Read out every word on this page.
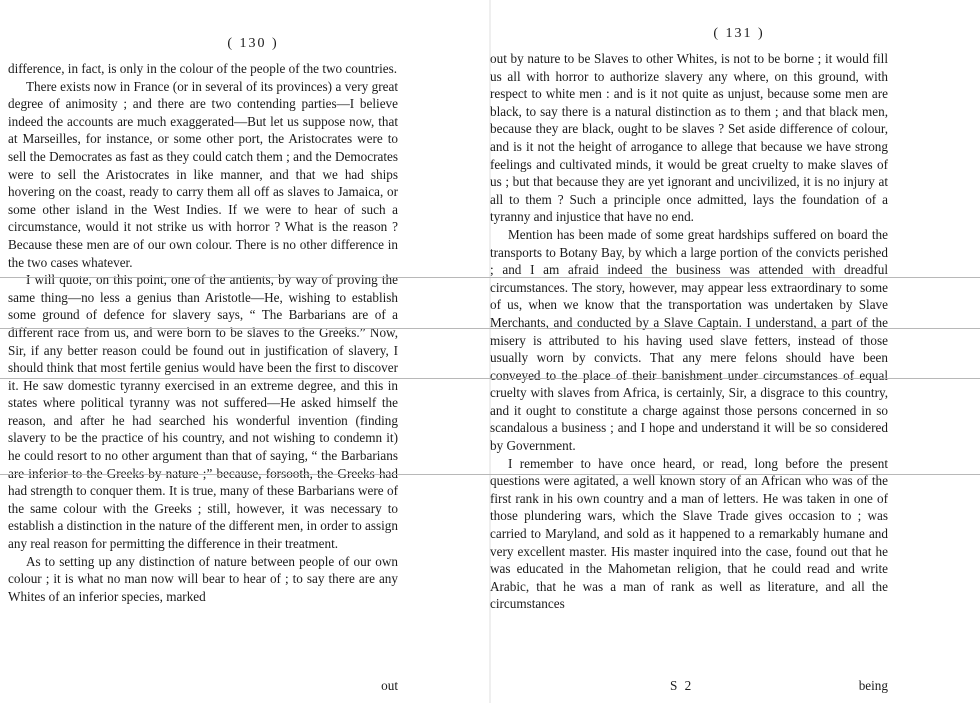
( 130 )

difference, in fact, is only in the colour of the people of the two countries.

There exists now in France (or in several of its provinces) a very great degree of animosity ; and there are two contending parties—I believe indeed the accounts are much exaggerated—But let us suppose now, that at Marseilles, for instance, or some other port, the Aristocrates were to sell the Democrates as fast as they could catch them ; and the Democrates were to sell the Aristocrates in like manner, and that we had ships hovering on the coast, ready to carry them all off as slaves to Jamaica, or some other island in the West Indies. If we were to hear of such a circumstance, would it not strike us with horror ? What is the reason ? Because these men are of our own colour. There is no other difference in the two cases whatever.

I will quote, on this point, one of the antients, by way of proving the same thing—no less a genius than Aristotle—He, wishing to establish some ground of defence for slavery says, “ The Barbarians are of a different race from us, and were born to be slaves to the Greeks.” Now, Sir, if any better reason could be found out in justification of slavery, I should think that most fertile genius would have been the first to discover it. He saw domestic tyranny exercised in an extreme degree, and this in states where political tyranny was not suffered—He asked himself the reason, and after he had searched his wonderful invention (finding slavery to be the practice of his country, and not wishing to condemn it) he could resort to no other argument than that of saying, “ the Barbarians are inferior to the Greeks by nature ;” because, forsooth, the Greeks had had strength to conquer them. It is true, many of these Barbarians were of the same colour with the Greeks ; still, however, it was necessary to establish a distinction in the nature of the different men, in order to assign any real reason for permitting the difference in their treatment.

As to setting up any distinction of nature between people of our own colour ; it is what no man now will bear to hear of ; to say there are any Whites of an inferior species, marked

out
( 131 )

out by nature to be Slaves to other Whites, is not to be borne ; it would fill us all with horror to authorize slavery any where, on this ground, with respect to white men : and is it not quite as unjust, because some men are black, to say there is a natural distinction as to them ; and that black men, because they are black, ought to be slaves ? Set aside difference of colour, and is it not the height of arrogance to allege that because we have strong feelings and cultivated minds, it would be great cruelty to make slaves of us ; but that because they are yet ignorant and uncivilized, it is no injury at all to them ? Such a principle once admitted, lays the foundation of a tyranny and injustice that have no end.

Mention has been made of some great hardships suffered on board the transports to Botany Bay, by which a large portion of the convicts perished ; and I am afraid indeed the business was attended with dreadful circumstances. The story, however, may appear less extraordinary to some of us, when we know that the transportation was undertaken by Slave Merchants, and conducted by a Slave Captain. I understand, a part of the misery is attributed to his having used slave fetters, instead of those usually worn by convicts. That any mere felons should have been conveyed to the place of their banishment under circumstances of equal cruelty with slaves from Africa, is certainly, Sir, a disgrace to this country, and it ought to constitute a charge against those persons concerned in so scandalous a business ; and I hope and understand it will be so considered by Government.

I remember to have once heard, or read, long before the present questions were agitated, a well known story of an African who was of the first rank in his own country and a man of letters. He was taken in one of those plundering wars, which the Slave Trade gives occasion to ; was carried to Maryland, and sold as it happened to a remarkably humane and very excellent master. His master inquired into the case, found out that he was educated in the Mahometan religion, that he could read and write Arabic, that he was a man of rank as well as literature, and all the circumstances

S 2	being
